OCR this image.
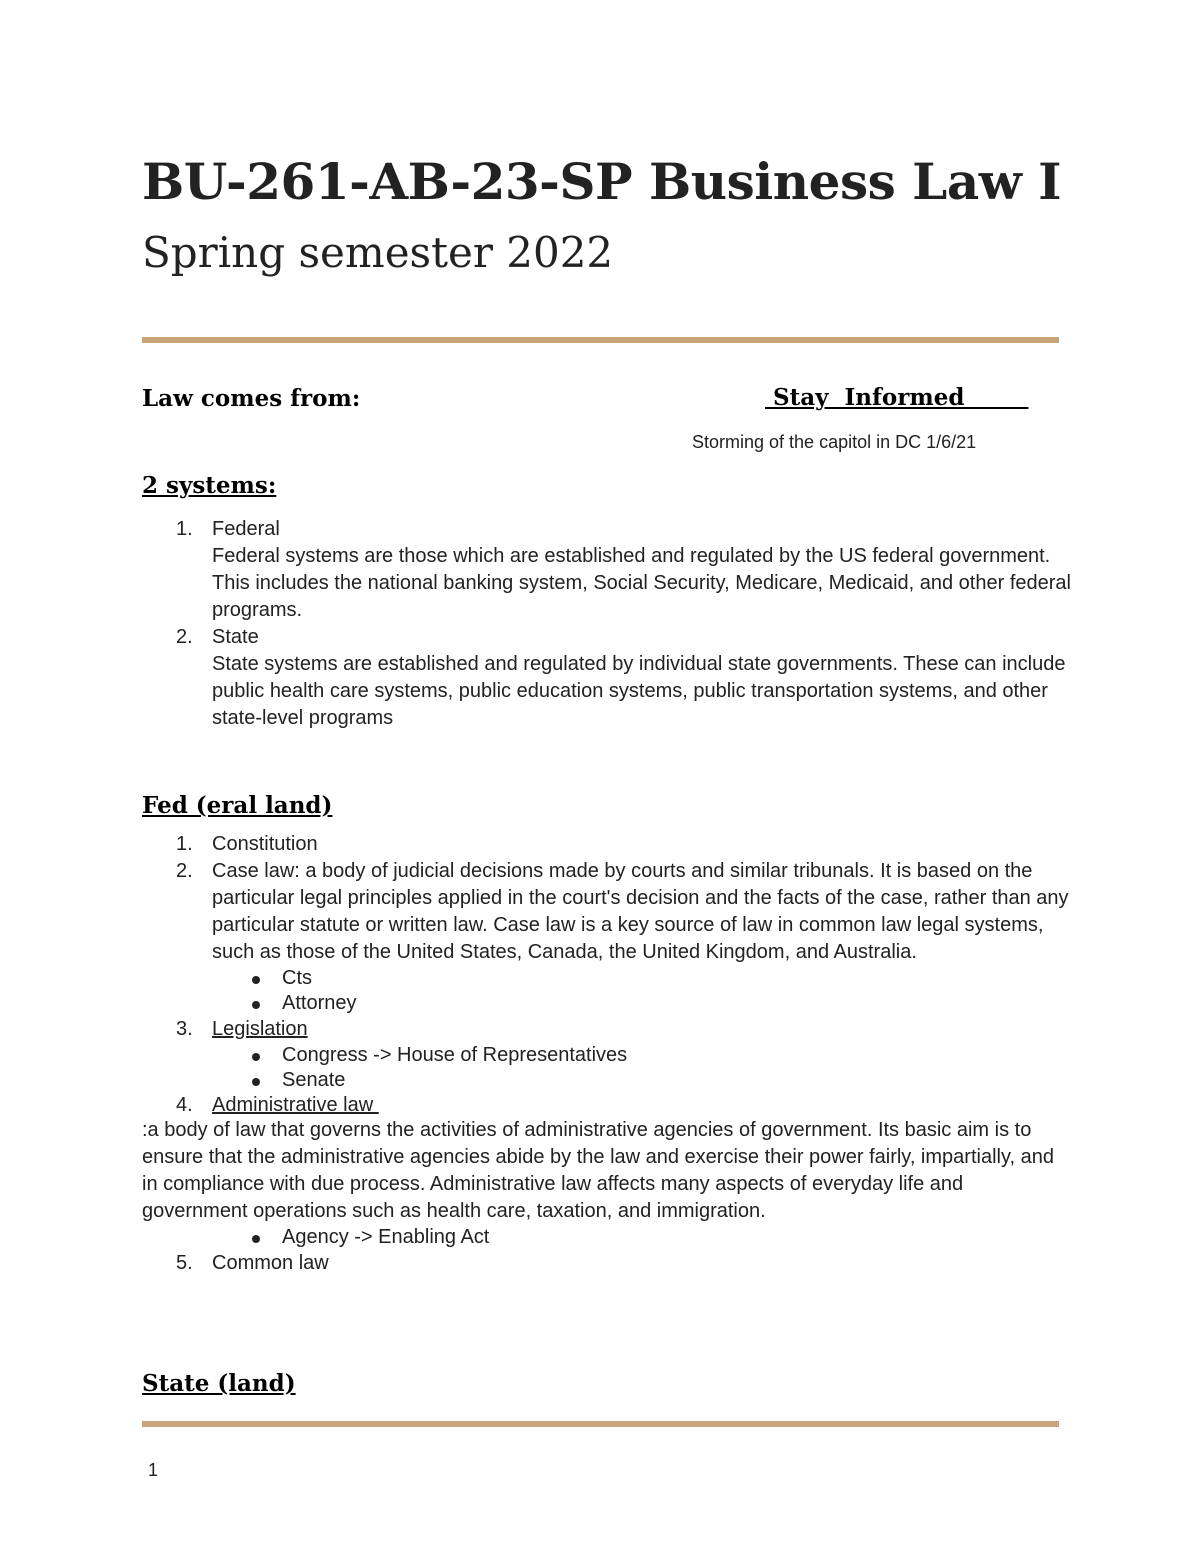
BU-261-AB-23-SP Business Law I
Spring semester 2022
Law comes from:	Stay  Informed
Storming of the capitol in DC 1/6/21
2 systems:
1. Federal
Federal systems are those which are established and regulated by the US federal government. This includes the national banking system, Social Security, Medicare, Medicaid, and other federal programs.
2. State
State systems are established and regulated by individual state governments. These can include public health care systems, public education systems, public transportation systems, and other state-level programs
Fed (eral land)
1. Constitution
2. Case law: a body of judicial decisions made by courts and similar tribunals. It is based on the particular legal principles applied in the court's decision and the facts of the case, rather than any particular statute or written law. Case law is a key source of law in common law legal systems, such as those of the United States, Canada, the United Kingdom, and Australia.
Cts
Attorney
3. Legislation
Congress -> House of Representatives
Senate
4. Administrative law
:a body of law that governs the activities of administrative agencies of government. Its basic aim is to ensure that the administrative agencies abide by the law and exercise their power fairly, impartially, and in compliance with due process. Administrative law affects many aspects of everyday life and government operations such as health care, taxation, and immigration.
Agency -> Enabling Act
5. Common law
State (land)
1
